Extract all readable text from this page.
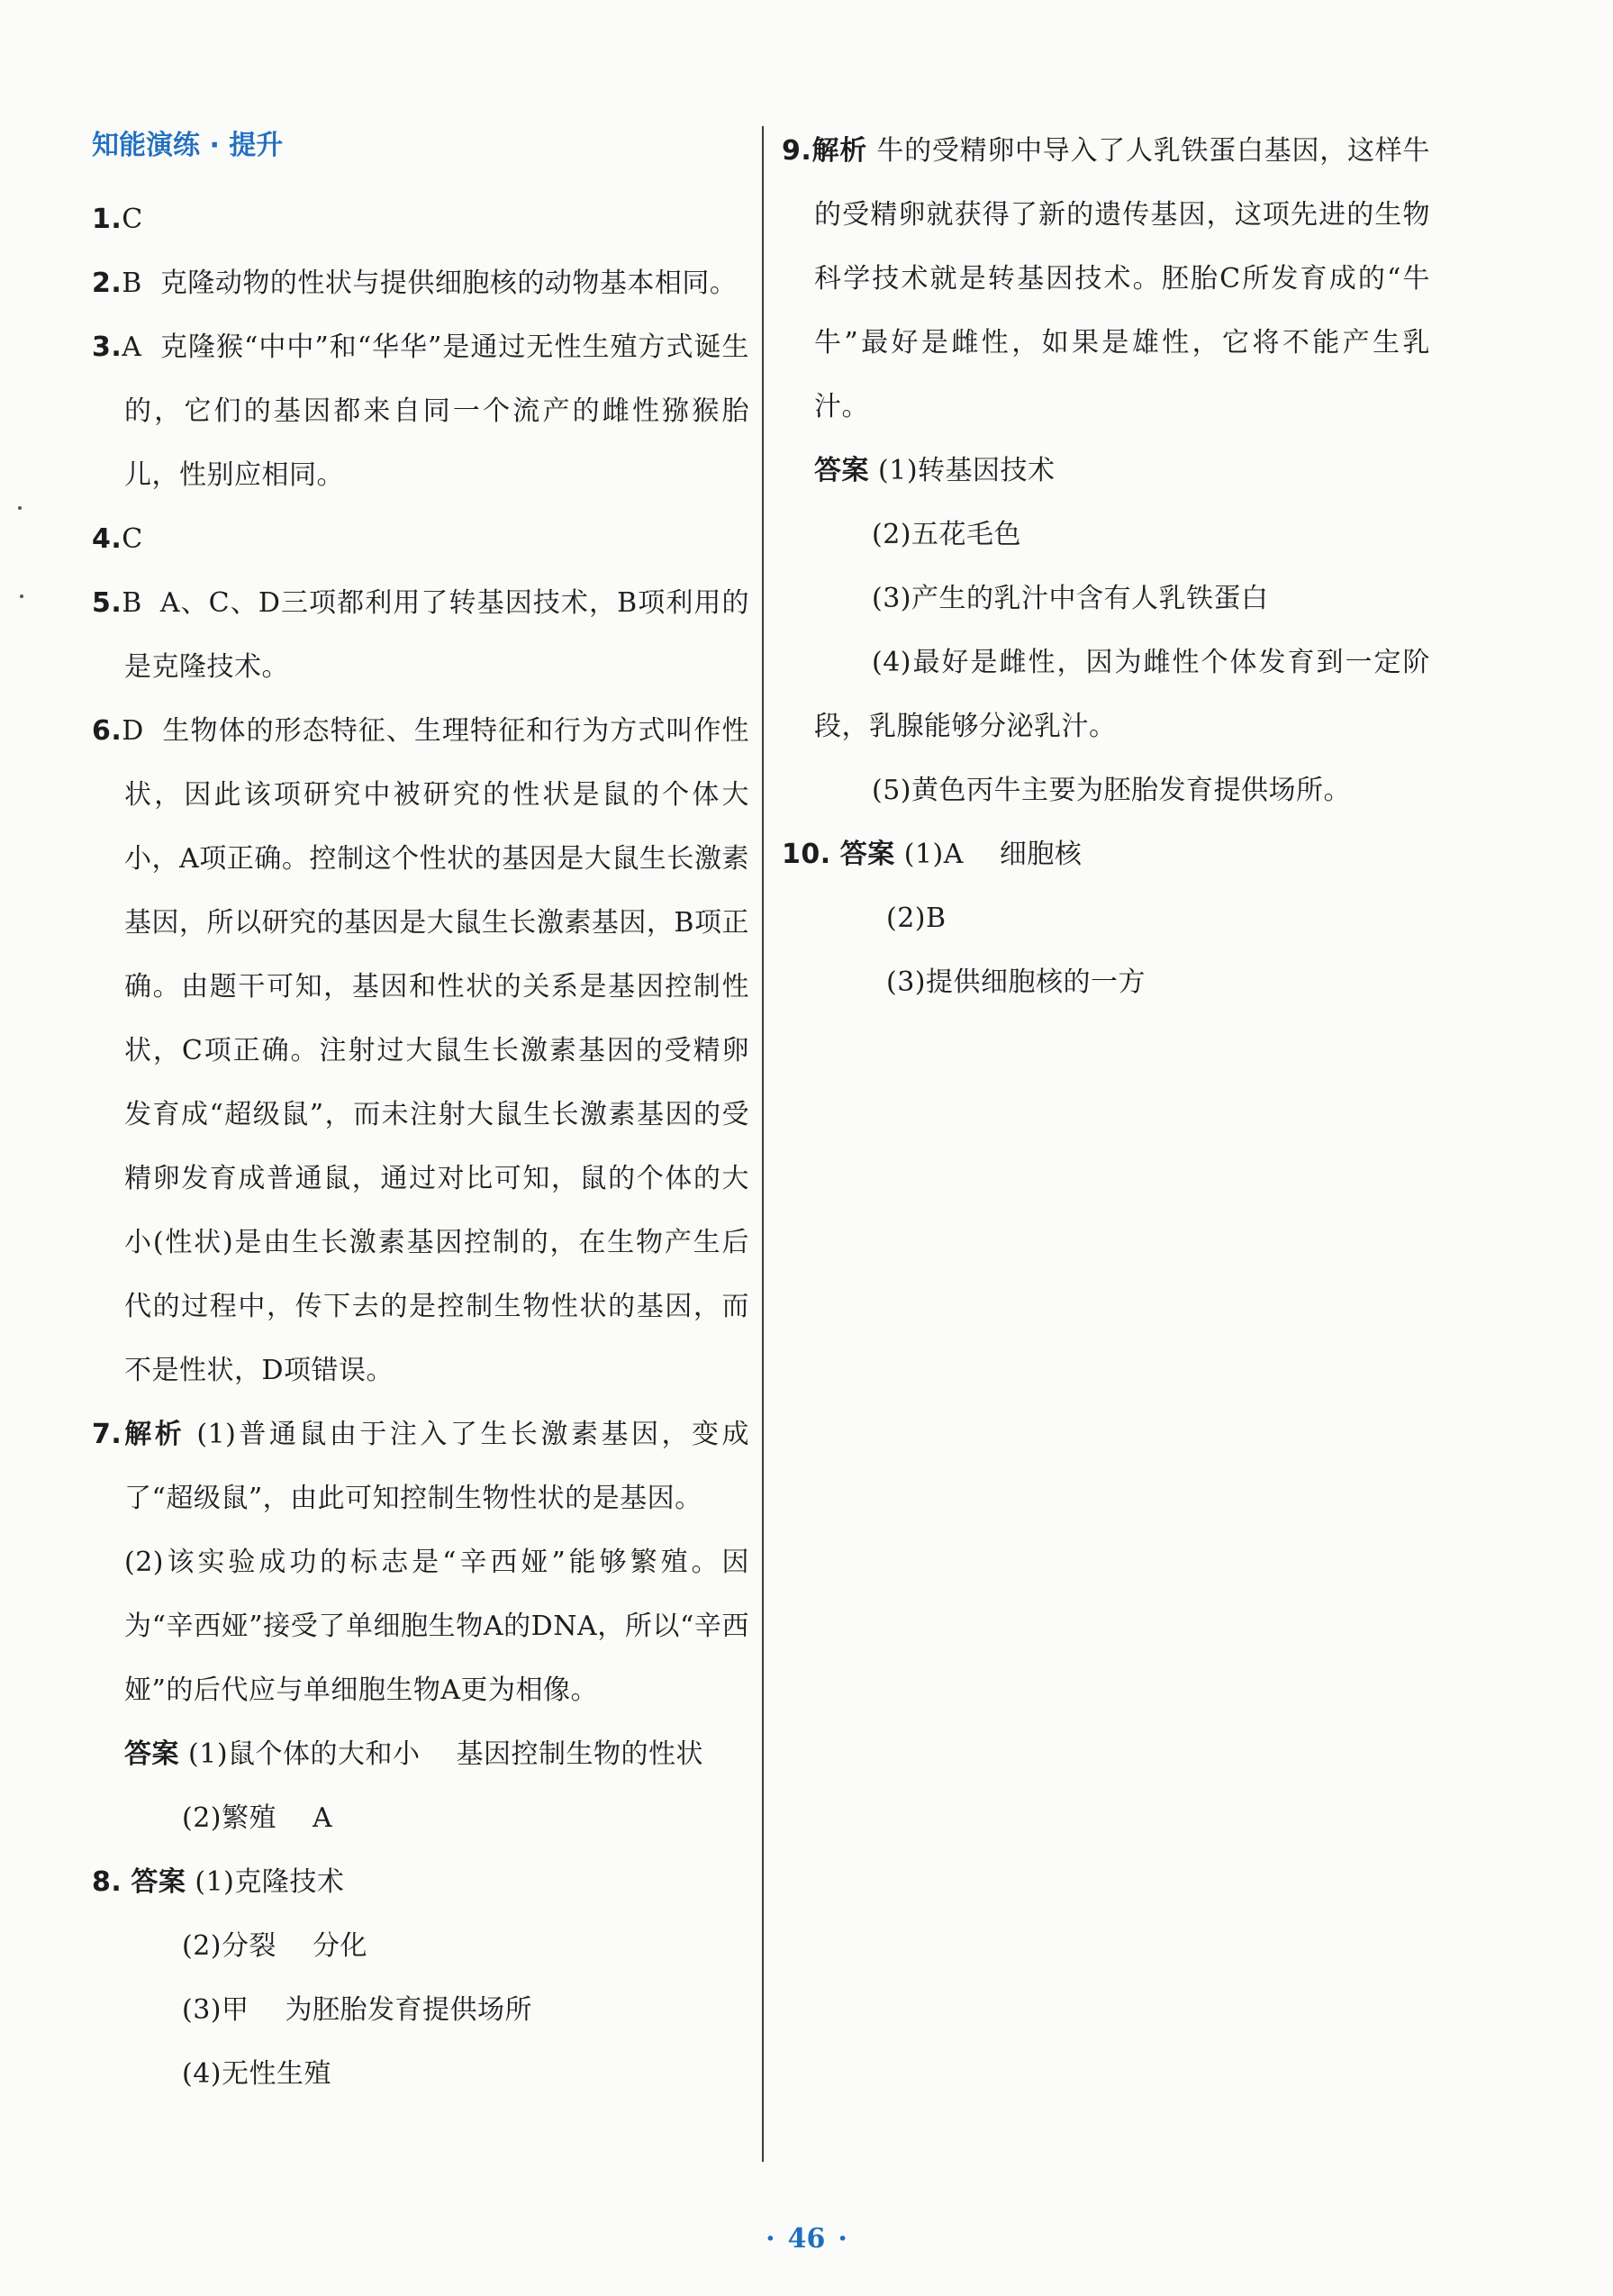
知能演练 · 提升
1.C
2.B 克隆动物的性状与提供细胞核的动物基本相同。
3.A 克隆猴“中中”和“华华”是通过无性生殖方式诞生的，它们的基因都来自同一个流产的雌性猕猴胎儿，性别应相同。
4.C
5.B A、C、D三项都利用了转基因技术，B项利用的是克隆技术。
6.D 生物体的形态特征、生理特征和行为方式叫作性状，因此该项研究中被研究的性状是鼠的个体大小，A项正确。控制这个性状的基因是大鼠生长激素基因，所以研究的基因是大鼠生长激素基因，B项正确。由题干可知，基因和性状的关系是基因控制性状，C项正确。注射过大鼠生长激素基因的受精卵发育成“超级鼠”，而未注射大鼠生长激素基因的受精卵发育成普通鼠，通过对比可知，鼠的个体的大小(性状)是由生长激素基因控制的，在生物产生后代的过程中，传下去的是控制生物性状的基因，而不是性状，D项错误。
7.解析 (1)普通鼠由于注入了生长激素基因，变成了“超级鼠”，由此可知控制生物性状的是基因。
(2)该实验成功的标志是“辛西娅”能够繁殖。因为“辛西娅”接受了单细胞生物A的DNA，所以“辛西娅”的后代应与单细胞生物A更为相像。
答案 (1)鼠个体的大和小 基因控制生物的性状
(2)繁殖 A
8. 答案 (1)克隆技术
(2)分裂 分化
(3)甲 为胚胎发育提供场所
(4)无性生殖
9.解析 牛的受精卵中导入了人乳铁蛋白基因，这样牛的受精卵就获得了新的遗传基因，这项先进的生物科学技术就是转基因技术。胚胎C所发育成的“牛牛”最好是雌性，如果是雄性，它将不能产生乳汁。
答案 (1)转基因技术
(2)五花毛色
(3)产生的乳汁中含有人乳铁蛋白
(4)最好是雌性，因为雌性个体发育到一定阶段，乳腺能够分泌乳汁。
(5)黄色丙牛主要为胚胎发育提供场所。
10. 答案 (1)A 细胞核
(2)B
(3)提供细胞核的一方
· 46 ·
